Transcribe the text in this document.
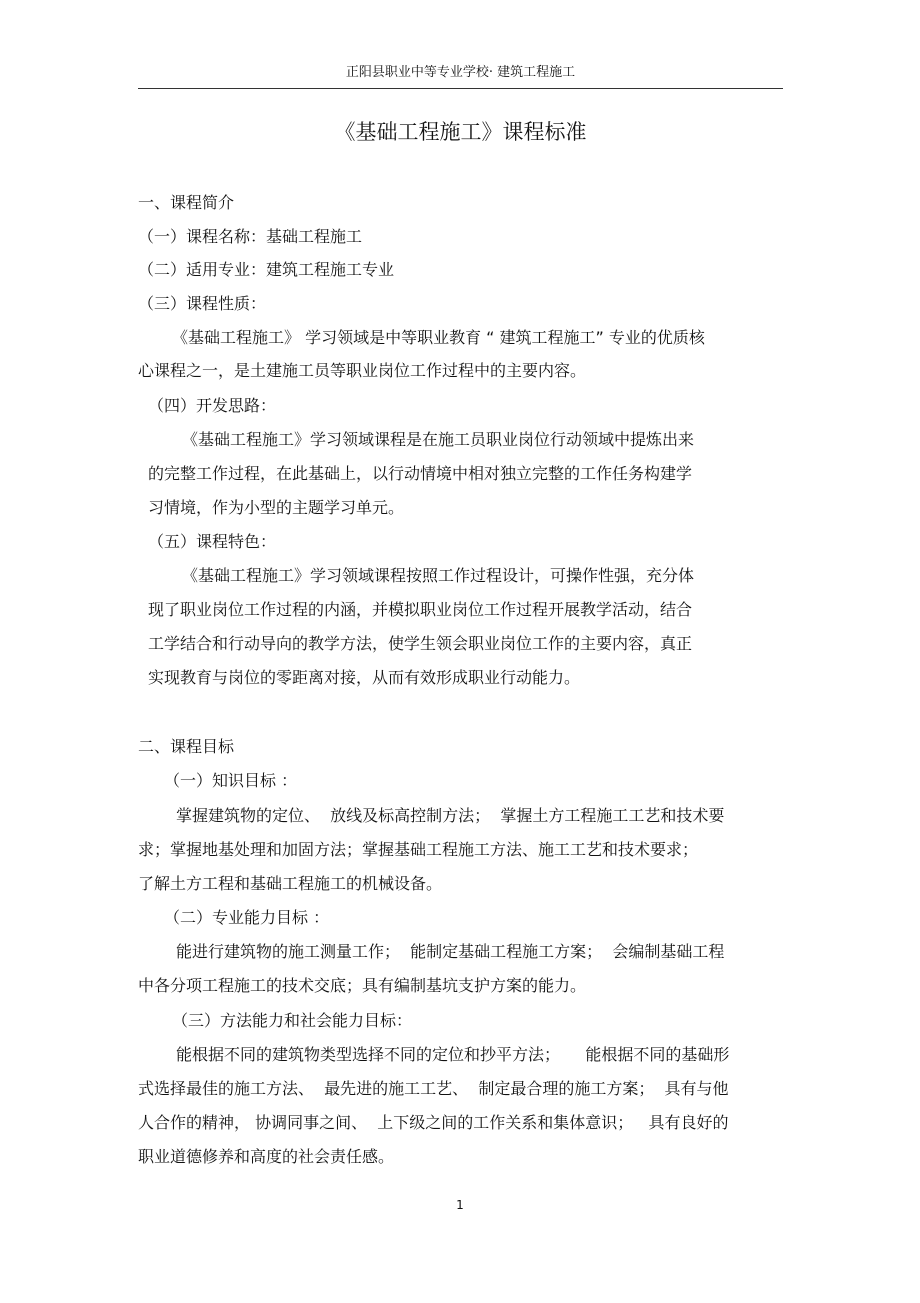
正阳县职业中等专业学校· 建筑工程施工
《基础工程施工》课程标准
一、课程简介
（一）课程名称：基础工程施工
（二）适用专业：建筑工程施工专业
（三）课程性质：
《基础工程施工》 学习领域是中等职业教育 “ 建筑工程施工” 专业的优质核
心课程之一，是土建施工员等职业岗位工作过程中的主要内容。
（四）开发思路：
《基础工程施工》学习领域课程是在施工员职业岗位行动领域中提炼出来
的完整工作过程，在此基础上，以行动情境中相对独立完整的工作任务构建学
习情境，作为小型的主题学习单元。
（五）课程特色：
《基础工程施工》学习领域课程按照工作过程设计，可操作性强，充分体
现了职业岗位工作过程的内涵，并模拟职业岗位工作过程开展教学活动，结合
工学结合和行动导向的教学方法，使学生领会职业岗位工作的主要内容，真正
实现教育与岗位的零距离对接，从而有效形成职业行动能力。
二、课程目标
（一）知识目标 ：
掌握建筑物的定位、  放线及标高控制方法；  掌握土方工程施工工艺和技术要
求；掌握地基处理和加固方法；掌握基础工程施工方法、施工工艺和技术要求；
了解土方工程和基础工程施工的机械设备。
（二）专业能力目标 ：
能进行建筑物的施工测量工作；  能制定基础工程施工方案；  会编制基础工程
中各分项工程施工的技术交底；具有编制基坑支护方案的能力。
（三）方法能力和社会能力目标：
能根据不同的建筑物类型选择不同的定位和抄平方法；     能根据不同的基础形
式选择最佳的施工方法、  最先进的施工工艺、  制定最合理的施工方案；  具有与他
人合作的精神， 协调同事之间、  上下级之间的工作关系和集体意识；   具有良好的
职业道德修养和高度的社会责任感。
1
